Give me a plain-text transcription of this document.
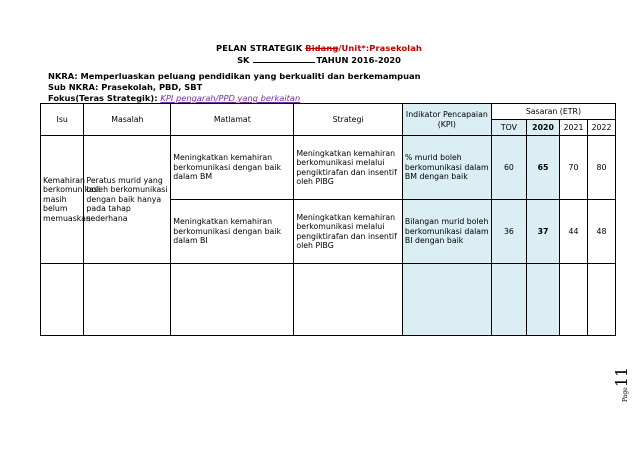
PELAN STRATEGIK Bidang/Unit*:Prasekolah
SK	TAHUN 2016-2020
NKRA: Memperluaskan peluang pendidikan yang berkualiti dan berkemampuan
Sub NKRA: Prasekolah, PBD, SBT
Fokus(Teras Strategik): KPI pengarah/PPD yang berkaitan
Isu	Masalah	Matlamat	Strategi	Indikator Pencapaian (KPI)	Sasaran (ETR)			
					TOV	2020	2021	2022
Kemahiran berkomunikasi masih belum memuaskan	Peratus murid yang boleh berkomunikasi dengan baik hanya pada tahap sederhana	Meningkatkan kemahiran berkomunikasi dengan baik dalam BM	Meningkatkan kemahiran berkomunikasi melalui pengiktirafan dan insentif oleh PIBG	% murid boleh berkomunikasi dalam BM dengan baik	60	65	70	80
		Meningkatkan kemahiran berkomunikasi dengan baik dalam BI	Meningkatkan kemahiran berkomunikasi melalui pengiktirafan dan insentif oleh PIBG	Bilangan murid boleh berkomunikasi dalam BI dengan baik	36	37	44	48

Page11
